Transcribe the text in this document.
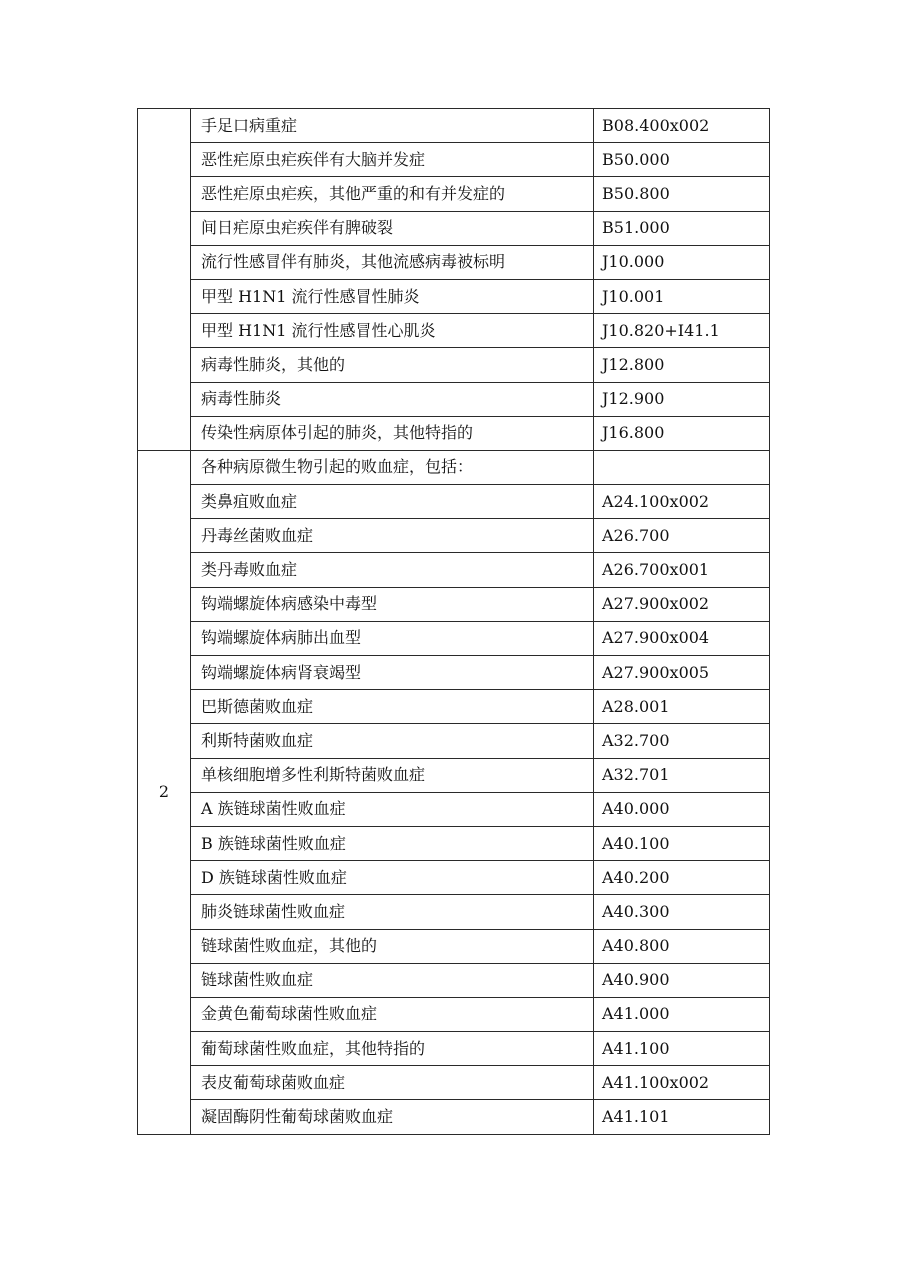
	手足口病重症	B08.400x002
	恶性疟原虫疟疾伴有大脑并发症	B50.000
	恶性疟原虫疟疾，其他严重的和有并发症的	B50.800
	间日疟原虫疟疾伴有脾破裂	B51.000
	流行性感冒伴有肺炎，其他流感病毒被标明	J10.000
	甲型 H1N1 流行性感冒性肺炎	J10.001
	甲型 H1N1 流行性感冒性心肌炎	J10.820+I41.1
	病毒性肺炎，其他的	J12.800
	病毒性肺炎	J12.900
	传染性病原体引起的肺炎，其他特指的	J16.800
2	各种病原微生物引起的败血症，包括：	
	类鼻疽败血症	A24.100x002
	丹毒丝菌败血症	A26.700
	类丹毒败血症	A26.700x001
	钩端螺旋体病感染中毒型	A27.900x002
	钩端螺旋体病肺出血型	A27.900x004
	钩端螺旋体病肾衰竭型	A27.900x005
	巴斯德菌败血症	A28.001
	利斯特菌败血症	A32.700
	单核细胞增多性利斯特菌败血症	A32.701
	A 族链球菌性败血症	A40.000
	B 族链球菌性败血症	A40.100
	D 族链球菌性败血症	A40.200
	肺炎链球菌性败血症	A40.300
	链球菌性败血症，其他的	A40.800
	链球菌性败血症	A40.900
	金黄色葡萄球菌性败血症	A41.000
	葡萄球菌性败血症，其他特指的	A41.100
	表皮葡萄球菌败血症	A41.100x002
	凝固酶阴性葡萄球菌败血症	A41.101
